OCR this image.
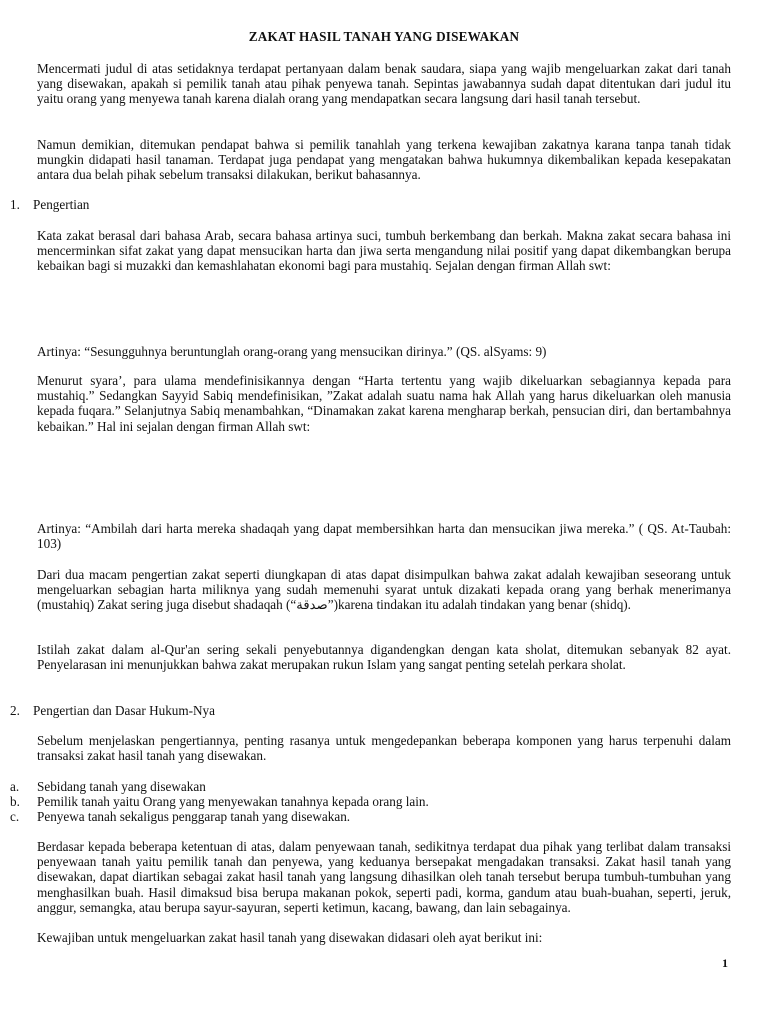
ZAKAT HASIL TANAH YANG DISEWAKAN

Mencermati judul di atas setidaknya terdapat pertanyaan dalam benak saudara, siapa yang wajib mengeluarkan zakat dari tanah yang disewakan, apakah si pemilik tanah atau pihak penyewa tanah. Sepintas jawabannya sudah dapat ditentukan dari judul itu yaitu orang yang menyewa tanah karena dialah orang yang mendapatkan secara langsung dari hasil tanah tersebut.

Namun demikian, ditemukan pendapat bahwa si pemilik tanahlah yang terkena kewajiban zakatnya karana tanpa tanah tidak mungkin didapati hasil tanaman. Terdapat juga pendapat yang mengatakan bahwa hukumnya dikembalikan kepada kesepakatan antara dua belah pihak sebelum transaksi dilakukan, berikut bahasannya.

1. Pengertian

Kata zakat berasal dari bahasa Arab, secara bahasa artinya suci, tumbuh berkembang dan berkah. Makna zakat secara bahasa ini mencerminkan sifat zakat yang dapat mensucikan harta dan jiwa serta mengandung nilai positif yang dapat dikembangkan berupa kebaikan bagi si muzakki dan kemashlahatan ekonomi bagi para mustahiq. Sejalan dengan firman Allah swt:

Artinya: “Sesungguhnya beruntunglah orang-orang yang mensucikan dirinya.” (QS. alSyams: 9)

Menurut syara’, para ulama mendefinisikannya dengan “Harta tertentu yang wajib dikeluarkan sebagiannya kepada para mustahiq.” Sedangkan Sayyid Sabiq mendefinisikan, ”Zakat adalah suatu nama hak Allah yang harus dikeluarkan oleh manusia kepada fuqara.” Selanjutnya Sabiq menambahkan, “Dinamakan zakat karena mengharap berkah, pensucian diri, dan bertambahnya kebaikan.” Hal ini sejalan dengan firman Allah swt:

Artinya: “Ambilah dari harta mereka shadaqah yang dapat membersihkan harta dan mensucikan jiwa mereka.” ( QS. At-Taubah: 103)

Dari dua macam pengertian zakat seperti diungkapan di atas dapat disimpulkan bahwa zakat adalah kewajiban seseorang untuk mengeluarkan sebagian harta miliknya yang sudah memenuhi syarat untuk dizakati kepada orang yang berhak menerimanya (mustahiq) Zakat sering juga disebut shadaqah (“صدقة”)karena tindakan itu adalah tindakan yang benar (shidq).

Istilah zakat dalam al-Qur'an sering sekali penyebutannya digandengkan dengan kata sholat, ditemukan sebanyak 82 ayat. Penyelarasan ini menunjukkan bahwa zakat merupakan rukun Islam yang sangat penting setelah perkara sholat.

2. Pengertian dan Dasar Hukum-Nya

Sebelum menjelaskan pengertiannya, penting rasanya untuk mengedepankan beberapa komponen yang harus terpenuhi dalam transaksi zakat hasil tanah yang disewakan.

a. Sebidang tanah yang disewakan

b. Pemilik tanah yaitu Orang yang menyewakan tanahnya kepada orang lain.

c. Penyewa tanah sekaligus penggarap tanah yang disewakan.

Berdasar kepada beberapa ketentuan di atas, dalam penyewaan tanah, sedikitnya terdapat dua pihak yang terlibat dalam transaksi penyewaan tanah yaitu pemilik tanah dan penyewa, yang keduanya bersepakat mengadakan transaksi. Zakat hasil tanah yang disewakan, dapat diartikan sebagai zakat hasil tanah yang langsung dihasilkan oleh tanah tersebut berupa tumbuh-tumbuhan yang menghasilkan buah. Hasil dimaksud bisa berupa makanan pokok, seperti padi, korma, gandum atau buah-buahan, seperti, jeruk, anggur, semangka, atau berupa sayur-sayuran, seperti ketimun, kacang, bawang, dan lain sebagainya.

Kewajiban untuk mengeluarkan zakat hasil tanah yang disewakan didasari oleh ayat berikut ini:

1
